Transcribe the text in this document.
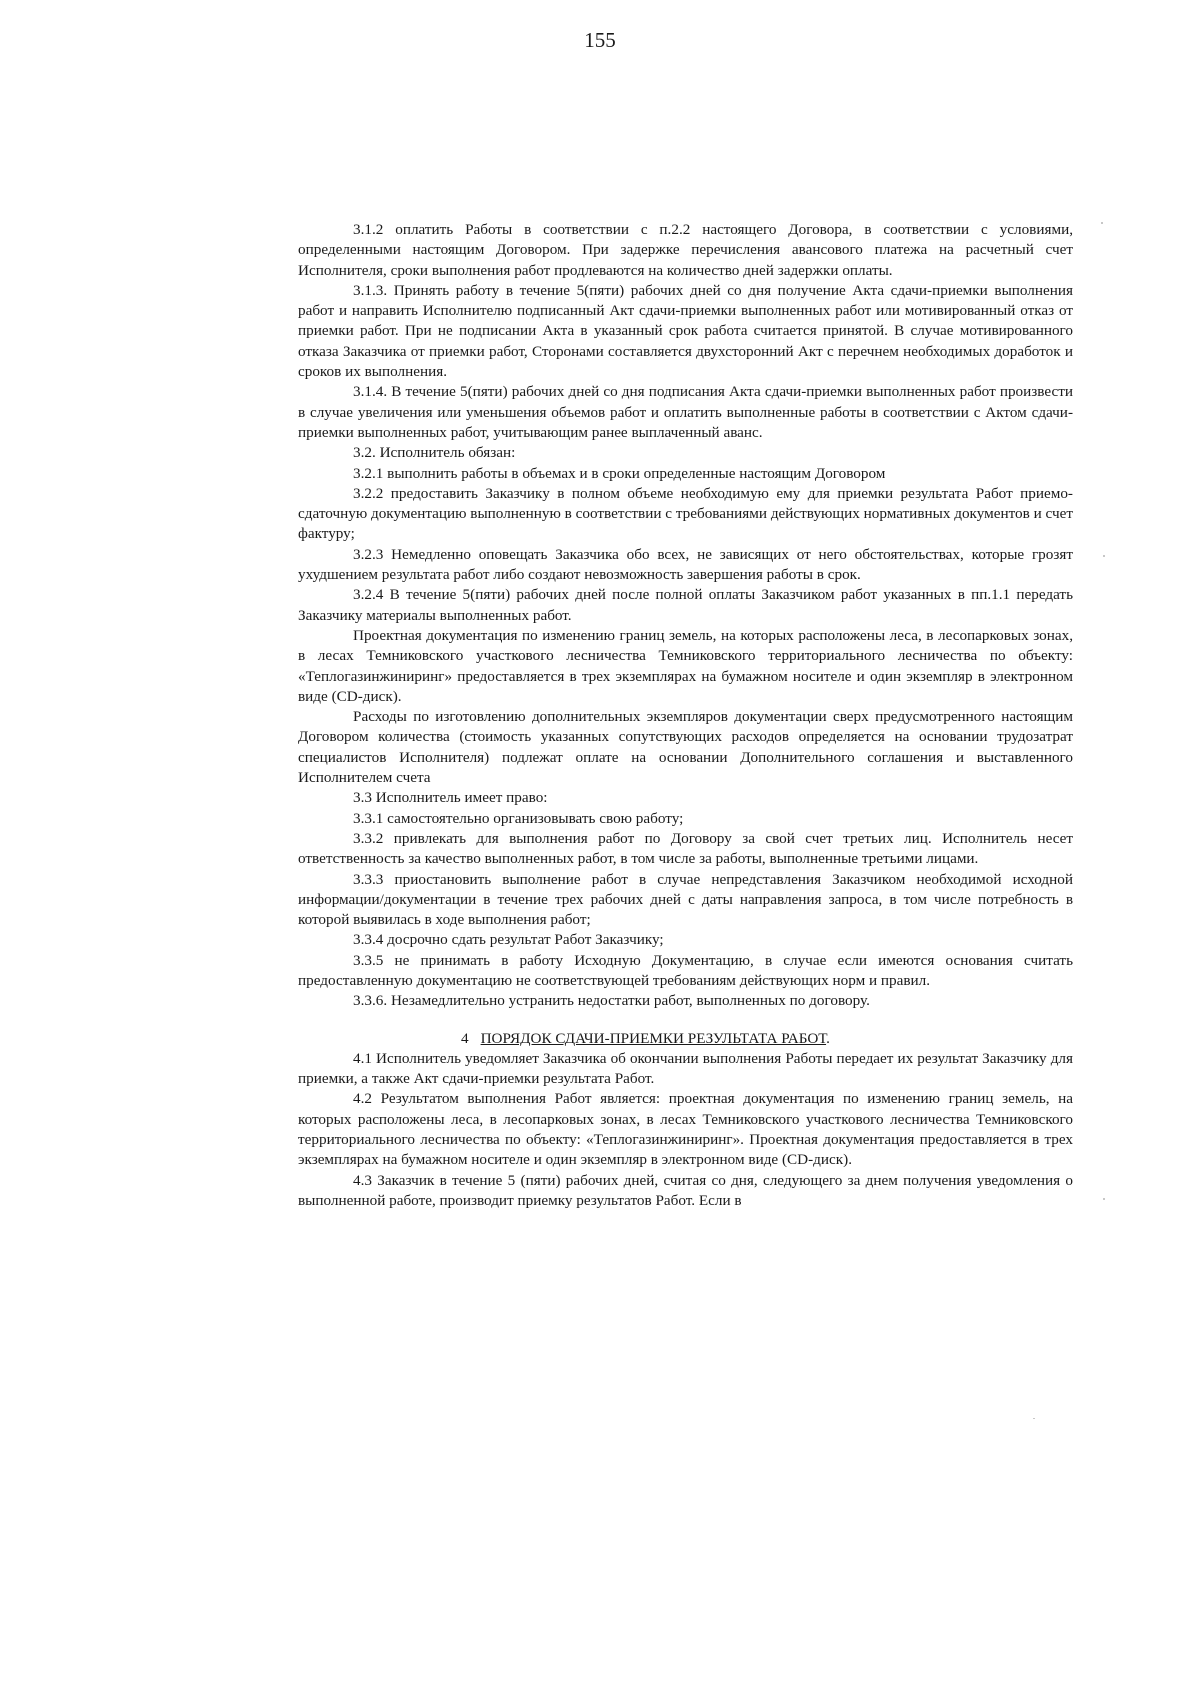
155

3.1.2 оплатить Работы в соответствии с п.2.2 настоящего Договора, в соответствии с условиями, определенными настоящим Договором. При задержке перечисления авансового платежа на расчетный счет Исполнителя, сроки выполнения работ продлеваются на количество дней задержки оплаты.

3.1.3. Принять работу в течение 5(пяти) рабочих дней со дня получение Акта сдачи-приемки выполнения работ и направить Исполнителю подписанный Акт сдачи-приемки выполненных работ или мотивированный отказ от приемки работ. При не подписании Акта в указанный срок работа считается принятой. В случае мотивированного отказа Заказчика от приемки работ, Сторонами составляется двухсторонний Акт с перечнем необходимых доработок и сроков их выполнения.

3.1.4. В течение 5(пяти) рабочих дней со дня подписания Акта сдачи-приемки выполненных работ произвести в случае увеличения или уменьшения объемов работ и оплатить выполненные работы в соответствии с Актом сдачи-приемки выполненных работ, учитывающим ранее выплаченный аванс.

3.2. Исполнитель обязан:

3.2.1 выполнить работы в объемах и в сроки определенные настоящим Договором

3.2.2 предоставить Заказчику в полном объеме необходимую ему для приемки результата Работ приемо-сдаточную документацию выполненную в соответствии с требованиями действующих нормативных документов и счет фактуру;

3.2.3 Немедленно оповещать Заказчика обо всех, не зависящих от него обстоятельствах, которые грозят ухудшением результата работ либо создают невозможность завершения работы в срок.

3.2.4 В течение 5(пяти) рабочих дней после полной оплаты Заказчиком работ указанных в пп.1.1 передать Заказчику материалы выполненных работ.

Проектная документация по изменению границ земель, на которых расположены леса, в лесопарковых зонах, в лесах Темниковского участкового лесничества Темниковского территориального лесничества по объекту: «Теплогазинжиниринг» предоставляется в трех экземплярах на бумажном носителе и один экземпляр в электронном виде (CD-диск).

Расходы по изготовлению дополнительных экземпляров документации сверх предусмотренного настоящим Договором количества (стоимость указанных сопутствующих расходов определяется на основании трудозатрат специалистов Исполнителя) подлежат оплате на основании Дополнительного соглашения и выставленного Исполнителем счета

3.3 Исполнитель имеет право:

3.3.1 самостоятельно организовывать свою работу;

3.3.2 привлекать для выполнения работ по Договору за свой счет третьих лиц. Исполнитель несет ответственность за качество выполненных работ, в том числе за работы, выполненные третьими лицами.

3.3.3 приостановить выполнение работ в случае непредставления Заказчиком необходимой исходной информации/документации в течение трех рабочих дней с даты направления запроса, в том числе потребность в которой выявилась в ходе выполнения работ;

3.3.4 досрочно сдать результат Работ Заказчику;

3.3.5 не принимать в работу Исходную Документацию, в случае если имеются основания считать предоставленную документацию не соответствующей требованиям действующих норм и правил.

3.3.6. Незамедлительно устранить недостатки работ, выполненных по договору.

4 ПОРЯДОК СДАЧИ-ПРИЕМКИ РЕЗУЛЬТАТА РАБОТ.

4.1 Исполнитель уведомляет Заказчика об окончании выполнения Работы передает их результат Заказчику для приемки, а также Акт сдачи-приемки результата Работ.

4.2 Результатом выполнения Работ является: проектная документация по изменению границ земель, на которых расположены леса, в лесопарковых зонах, в лесах Темниковского участкового лесничества Темниковского территориального лесничества по объекту: «Теплогазинжиниринг». Проектная документация предоставляется в трех экземплярах на бумажном носителе и один экземпляр в электронном виде (CD-диск).

4.3 Заказчик в течение 5 (пяти) рабочих дней, считая со дня, следующего за днем получения уведомления о выполненной работе, производит приемку результатов Работ. Если в
